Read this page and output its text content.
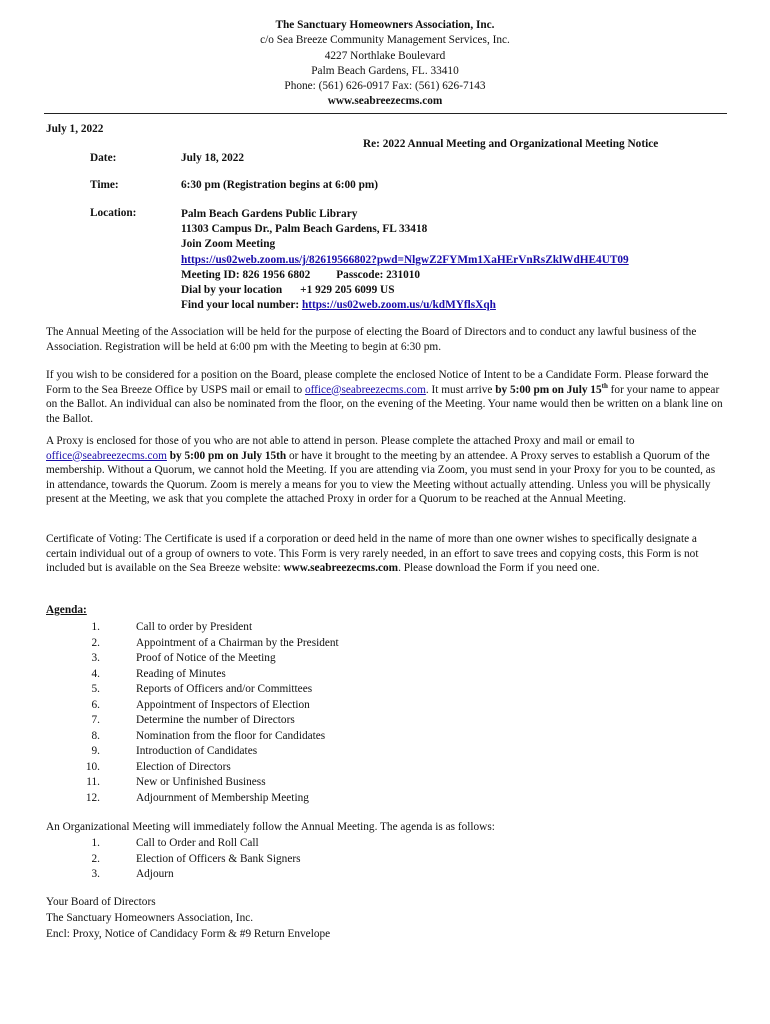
The Sanctuary Homeowners Association, Inc.
c/o Sea Breeze Community Management Services, Inc.
4227 Northlake Boulevard
Palm Beach Gardens, FL. 33410
Phone: (561) 626-0917 Fax: (561) 626-7143
www.seabreezecms.com
July 1, 2022
Re: 2022 Annual Meeting and Organizational Meeting Notice
Date:	July 18, 2022
Time:	6:30 pm (Registration begins at 6:00 pm)
Location:	Palm Beach Gardens Public Library
11303 Campus Dr., Palm Beach Gardens, FL 33418
Join Zoom Meeting
https://us02web.zoom.us/j/82619566802?pwd=NlgwZ2FYMm1XaHErVnRsZklWdHE4UT09
Meeting ID: 826 1956 6802 Passcode: 231010
Dial by your location +1 929 205 6099 US
Find your local number: https://us02web.zoom.us/u/kdMYflsXqh
The Annual Meeting of the Association will be held for the purpose of electing the Board of Directors and to conduct any lawful business of the Association. Registration will be held at 6:00 pm with the Meeting to begin at 6:30 pm.
If you wish to be considered for a position on the Board, please complete the enclosed Notice of Intent to be a Candidate Form. Please forward the Form to the Sea Breeze Office by USPS mail or email to office@seabreezecms.com. It must arrive by 5:00 pm on July 15th for your name to appear on the Ballot. An individual can also be nominated from the floor, on the evening of the Meeting. Your name would then be written on a blank line on the Ballot.
A Proxy is enclosed for those of you who are not able to attend in person. Please complete the attached Proxy and mail or email to office@seabreezecms.com by 5:00 pm on July 15th or have it brought to the meeting by an attendee. A Proxy serves to establish a Quorum of the membership. Without a Quorum, we cannot hold the Meeting. If you are attending via Zoom, you must send in your Proxy for you to be counted, as in attendance, towards the Quorum. Zoom is merely a means for you to view the Meeting without actually attending. Unless you will be physically present at the Meeting, we ask that you complete the attached Proxy in order for a Quorum to be reached at the Annual Meeting.
Certificate of Voting: The Certificate is used if a corporation or deed held in the name of more than one owner wishes to specifically designate a certain individual out of a group of owners to vote. This Form is very rarely needed, in an effort to save trees and copying costs, this Form is not included but is available on the Sea Breeze website: www.seabreezecms.com. Please download the Form if you need one.
Agenda:
1.	Call to order by President
2.	Appointment of a Chairman by the President
3.	Proof of Notice of the Meeting
4.	Reading of Minutes
5.	Reports of Officers and/or Committees
6.	Appointment of Inspectors of Election
7.	Determine the number of Directors
8.	Nomination from the floor for Candidates
9.	Introduction of Candidates
10.	Election of Directors
11.	New or Unfinished Business
12.	Adjournment of Membership Meeting
An Organizational Meeting will immediately follow the Annual Meeting. The agenda is as follows:
1.	Call to Order and Roll Call
2.	Election of Officers & Bank Signers
3.	Adjourn
Your Board of Directors
The Sanctuary Homeowners Association, Inc.
Encl: Proxy, Notice of Candidacy Form & #9 Return Envelope
